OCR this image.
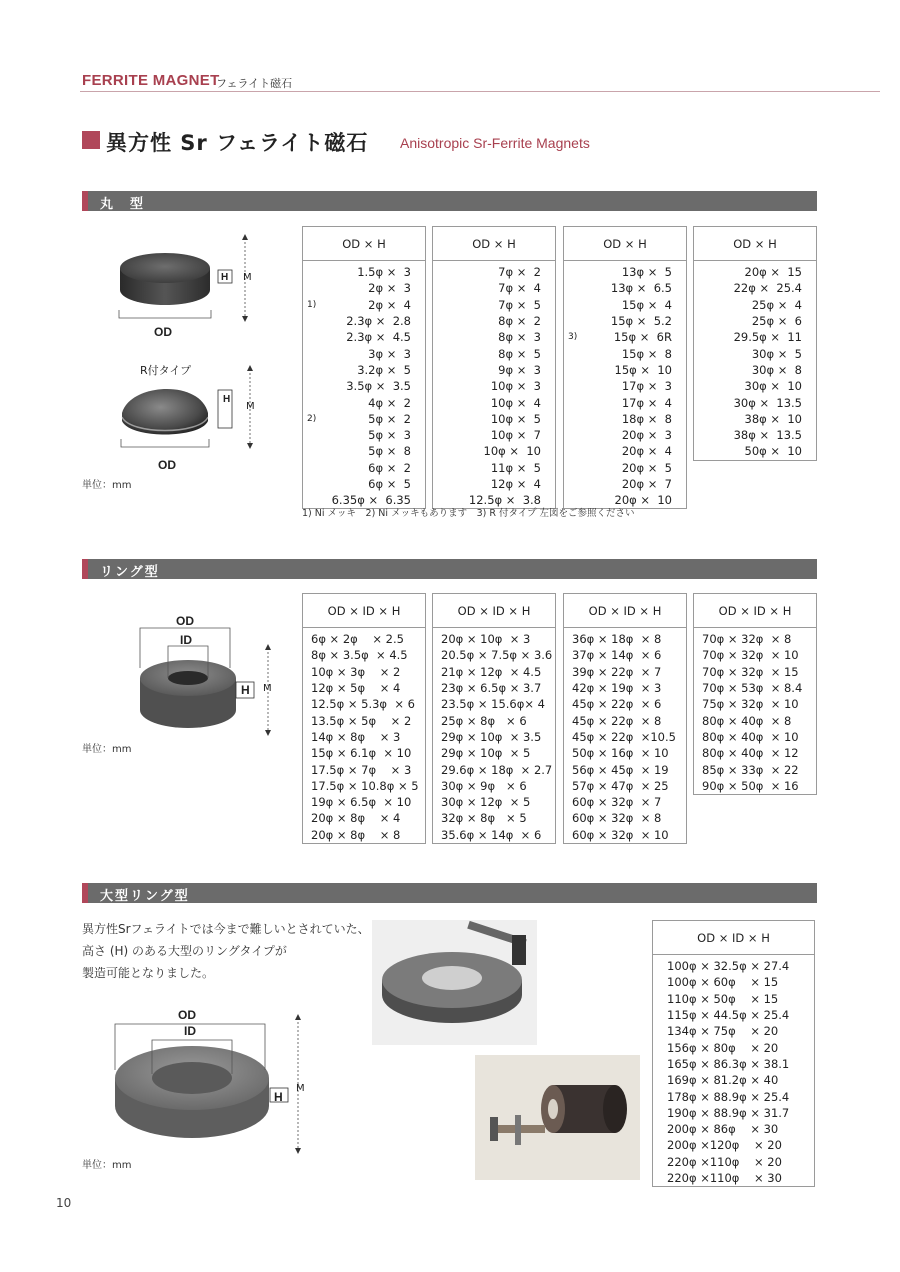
FERRITE MAGNET
フェライト磁石
異方性 Sr フェライト磁石 Anisotropic Sr-Ferrite Magnets
丸　型
H M
OD
R付タイプ
H
M
OD
単位：mm
OD × H

1.5φ ×  3

2φ ×  3

1)	2φ ×  4

2.3φ ×  2.8

2.3φ ×  4.5

3φ ×  3

3.2φ ×  5

3.5φ ×  3.5

4φ ×  2

2)	5φ ×  2

5φ ×  3

5φ ×  8

6φ ×  2

6φ ×  5

6.35φ ×  6.35
OD × H

7φ ×  2

7φ ×  4

7φ ×  5

8φ ×  2

8φ ×  3

8φ ×  5

9φ ×  3

10φ ×  3

10φ ×  4

10φ ×  5

10φ ×  7

10φ ×  10

11φ ×  5

12φ ×  4

12.5φ ×  3.8
OD × H

13φ ×  5

13φ ×  6.5

15φ ×  4

15φ ×  5.2

3)	15φ ×  6R

15φ ×  8

15φ ×  10

17φ ×  3

17φ ×  4

18φ ×  8

20φ ×  3

20φ ×  4

20φ ×  5

20φ ×  7

20φ ×  10
OD × H

20φ ×  15

22φ ×  25.4

25φ ×  4

25φ ×  6

29.5φ ×  11

30φ ×  5

30φ ×  8

30φ ×  10

30φ ×  13.5

38φ ×  10

38φ ×  13.5

50φ ×  10
1) Ni メッキ　2) Ni メッキもあります　3) R 付タイプ 左図をご参照ください
リング型
OD
ID
H M
単位：mm
OD × ID × H
6φ × 2φ    × 2.5
8φ × 3.5φ  × 4.5
10φ × 3φ    × 2
12φ × 5φ    × 4
12.5φ × 5.3φ  × 6
13.5φ × 5φ    × 2
14φ × 8φ    × 3
15φ × 6.1φ  × 10
17.5φ × 7φ    × 3
17.5φ × 10.8φ × 5
19φ × 6.5φ  × 10
20φ × 8φ    × 4
20φ × 8φ    × 8
OD × ID × H
20φ × 10φ  × 3
20.5φ × 7.5φ × 3.6
21φ × 12φ  × 4.5
23φ × 6.5φ × 3.7
23.5φ × 15.6φ× 4
25φ × 8φ   × 6
29φ × 10φ  × 3.5
29φ × 10φ  × 5
29.6φ × 18φ  × 2.7
30φ × 9φ   × 6
30φ × 12φ  × 5
32φ × 8φ   × 5
35.6φ × 14φ  × 6
OD × ID × H
36φ × 18φ  × 8
37φ × 14φ  × 6
39φ × 22φ  × 7
42φ × 19φ  × 3
45φ × 22φ  × 6
45φ × 22φ  × 8
45φ × 22φ  ×10.5
50φ × 16φ  × 10
56φ × 45φ  × 19
57φ × 47φ  × 25
60φ × 32φ  × 7
60φ × 32φ  × 8
60φ × 32φ  × 10
OD × ID × H
70φ × 32φ  × 8
70φ × 32φ  × 10
70φ × 32φ  × 15
70φ × 53φ  × 8.4
75φ × 32φ  × 10
80φ × 40φ  × 8
80φ × 40φ  × 10
80φ × 40φ  × 12
85φ × 33φ  × 22
90φ × 50φ  × 16
大型リング型
異方性Srフェライトでは今まで難しいとされていた、
高さ (H) のある大型のリングタイプが
製造可能となりました。
OD
ID
H
M
単位：mm
OD × ID × H
100φ × 32.5φ × 27.4
100φ × 60φ    × 15
110φ × 50φ    × 15
115φ × 44.5φ × 25.4
134φ × 75φ    × 20
156φ × 80φ    × 20
165φ × 86.3φ × 38.1
169φ × 81.2φ × 40
178φ × 88.9φ × 25.4
190φ × 88.9φ × 31.7
200φ × 86φ    × 30
200φ ×120φ    × 20
220φ ×110φ    × 20
220φ ×110φ    × 30
10
